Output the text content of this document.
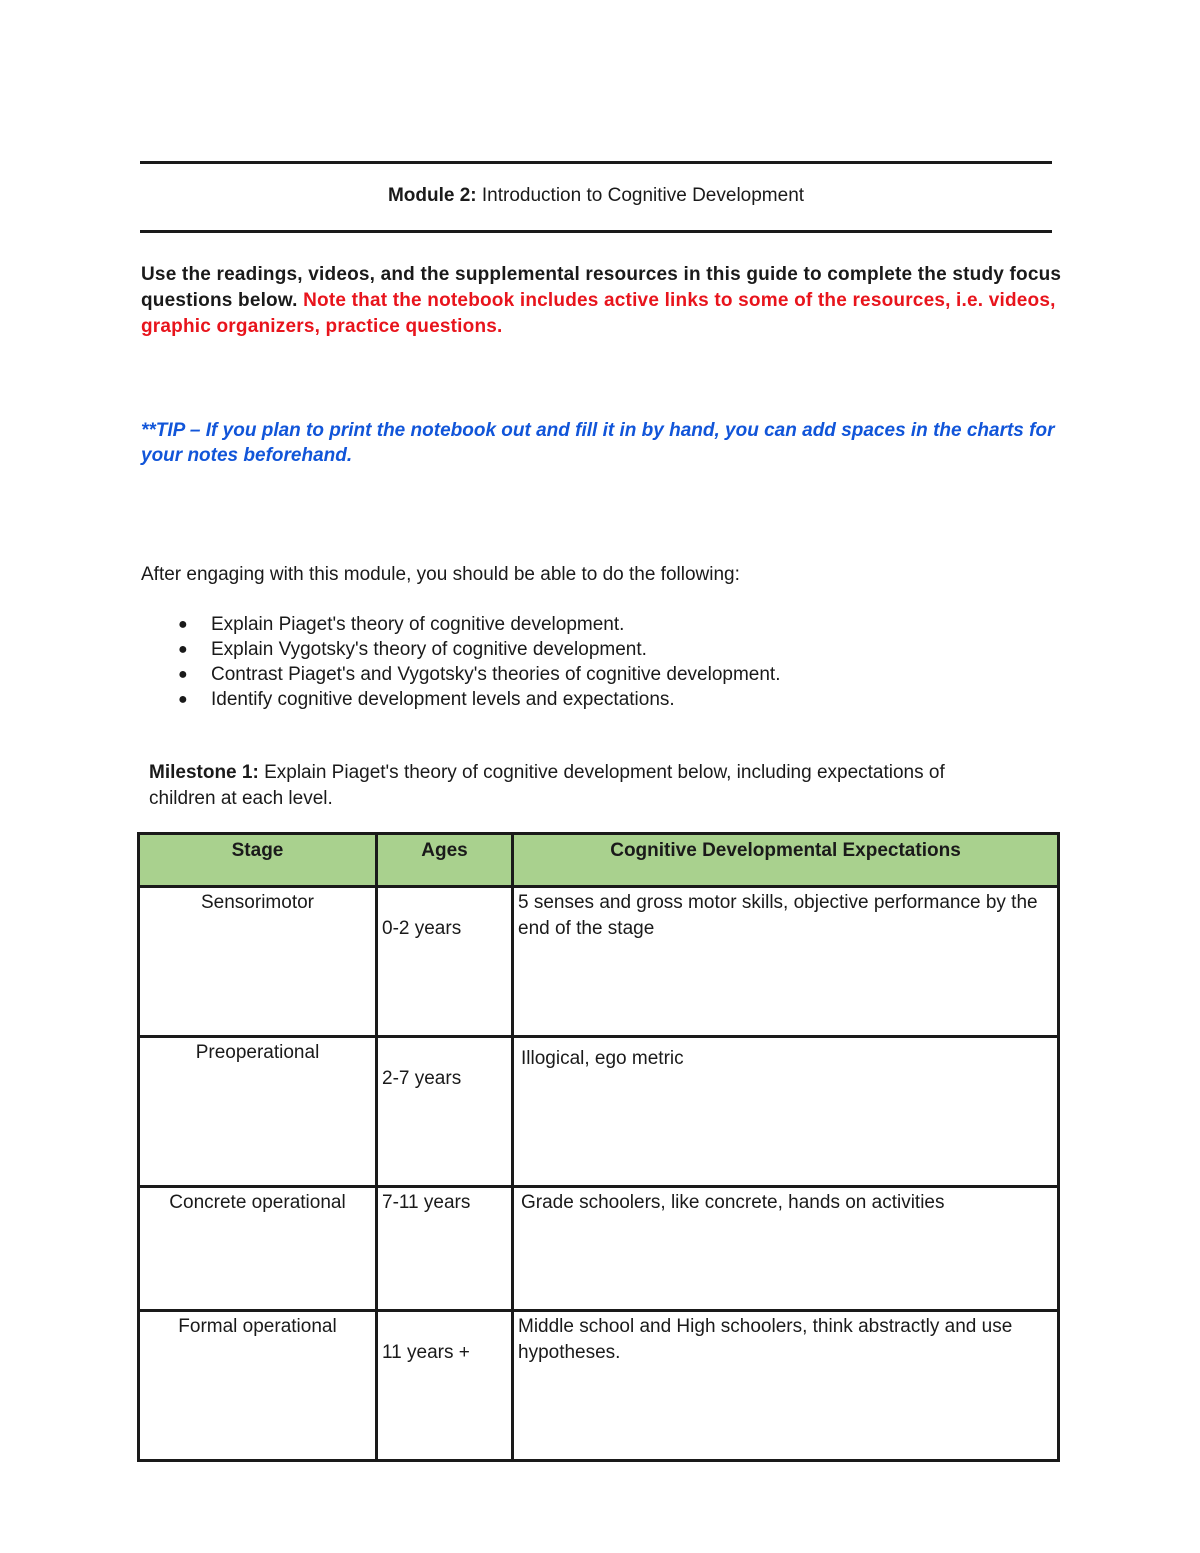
Module 2: Introduction to Cognitive Development
Use the readings, videos, and the supplemental resources in this guide to complete the study focus questions below. Note that the notebook includes active links to some of the resources, i.e. videos, graphic organizers, practice questions.
**TIP – If you plan to print the notebook out and fill it in by hand, you can add spaces in the charts for your notes beforehand.
After engaging with this module, you should be able to do the following:
● Explain Piaget's theory of cognitive development.
● Explain Vygotsky's theory of cognitive development.
● Contrast Piaget's and Vygotsky's theories of cognitive development.
● Identify cognitive development levels and expectations.
Milestone 1: Explain Piaget's theory of cognitive development below, including expectations of children at each level.
Stage	Ages	Cognitive Developmental Expectations
Sensorimotor	0-2 years	5 senses and gross motor skills, objective performance by the end of the stage
Preoperational	2-7 years	Illogical, ego metric
Concrete operational	7-11 years	Grade schoolers, like concrete, hands on activities
Formal operational	11 years +	Middle school and High schoolers, think abstractly and use hypotheses.
